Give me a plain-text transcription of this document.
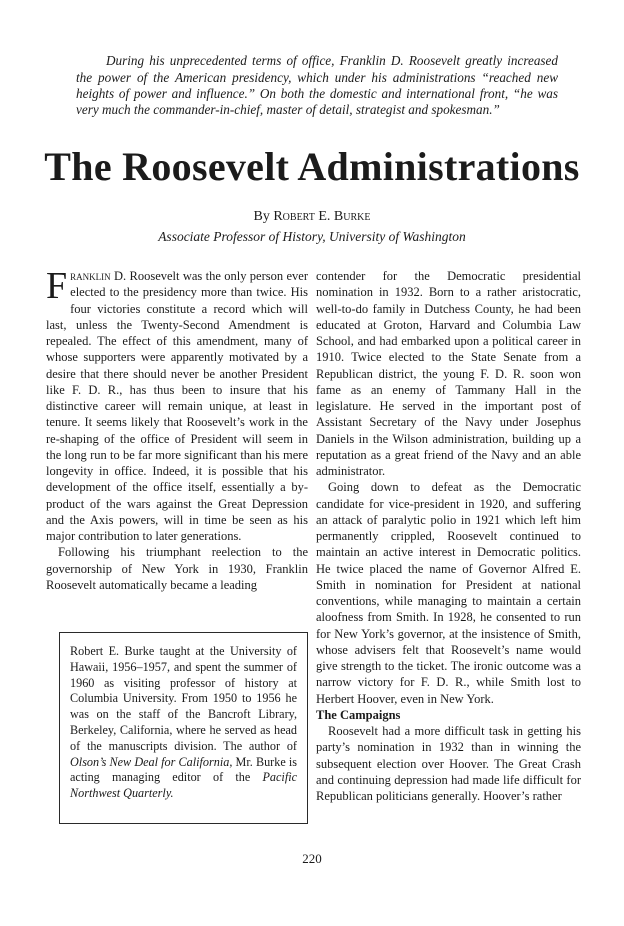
During his unprecedented terms of office, Franklin D. Roosevelt greatly increased the power of the American presidency, which under his administrations “reached new heights of power and influence.” On both the domestic and international front, “he was very much the commander-in-chief, master of detail, strategist and spokesman.”

The Roosevelt Administrations
By Robert E. Burke
Associate Professor of History, University of Washington

Franklin D. Roosevelt was the only person ever elected to the presidency more than twice. His four victories constitute a record which will last, unless the Twenty-Second Amendment is repealed. The effect of this amendment, many of whose supporters were apparently motivated by a desire that there should never be another President like F. D. R., has thus been to insure that his distinctive career will remain unique, at least in tenure. It seems likely that Roosevelt’s work in the re-shaping of the office of President will seem in the long run to be far more significant than his mere longevity in office. Indeed, it is possible that his development of the office itself, essentially a by-product of the wars against the Great Depression and the Axis powers, will in time be seen as his major contribution to later generations.

Following his triumphant reelection to the governorship of New York in 1930, Franklin Roosevelt automatically became a leading

Robert E. Burke taught at the University of Hawaii, 1956–1957, and spent the summer of 1960 as visiting professor of history at Columbia University. From 1950 to 1956 he was on the staff of the Bancroft Library, Berkeley, California, where he served as head of the manuscripts division. The author of Olson’s New Deal for California, Mr. Burke is acting managing editor of the Pacific Northwest Quarterly.

contender for the Democratic presidential nomination in 1932. Born to a rather aristocratic, well-to-do family in Dutchess County, he had been educated at Groton, Harvard and Columbia Law School, and had embarked upon a political career in 1910. Twice elected to the State Senate from a Republican district, the young F. D. R. soon won fame as an enemy of Tammany Hall in the legislature. He served in the important post of Assistant Secretary of the Navy under Josephus Daniels in the Wilson administration, building up a reputation as a great friend of the Navy and an able administrator.

Going down to defeat as the Democratic candidate for vice-president in 1920, and suffering an attack of paralytic polio in 1921 which left him permanently crippled, Roosevelt continued to maintain an active interest in Democratic politics. He twice placed the name of Governor Alfred E. Smith in nomination for President at national conventions, while managing to maintain a certain aloofness from Smith. In 1928, he consented to run for New York’s governor, at the insistence of Smith, whose advisers felt that Roosevelt’s name would give strength to the ticket. The ironic outcome was a narrow victory for F. D. R., while Smith lost to Herbert Hoover, even in New York.

The Campaigns

Roosevelt had a more difficult task in getting his party’s nomination in 1932 than in winning the subsequent election over Hoover. The Great Crash and continuing depression had made life difficult for Republican politicians generally. Hoover’s rather

220
